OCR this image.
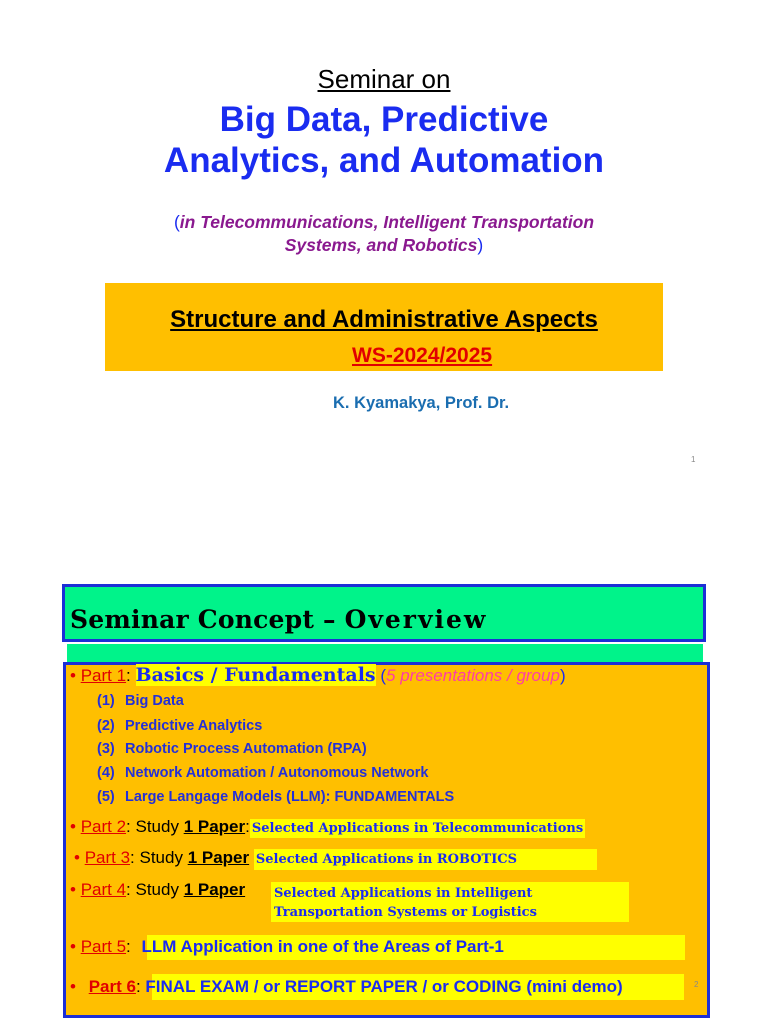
Seminar on
Big Data, Predictive
Analytics, and Automation
(in Telecommunications, Intelligent Transportation
Systems, and Robotics)
Structure and Administrative Aspects
WS-2024/2025
K. Kyamakya, Prof. Dr.
1
Seminar Concept – Overview
• Part 1: Basics / Fundamentals (5 presentations / group)
(1) Big Data
(2) Predictive Analytics
(3) Robotic Process Automation (RPA)
(4) Network Automation / Autonomous Network
(5) Large Langage Models (LLM): FUNDAMENTALS
• Part 2: Study 1 Paper: Selected Applications in Telecommunications
• Part 3: Study 1 Paper Selected Applications in ROBOTICS
• Part 4: Study 1 Paper Selected Applications in Intelligent
Transportation Systems or Logistics
• Part 5: LLM Application in one of the Areas of Part-1
• Part 6: FINAL EXAM / or REPORT PAPER / or CODING (mini demo)	2
